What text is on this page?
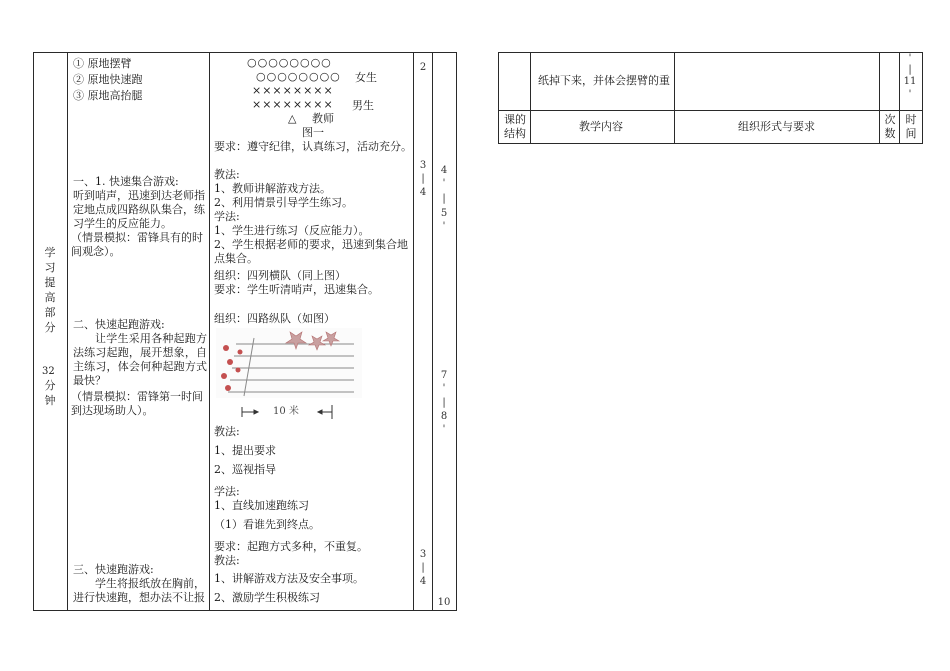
学习提高部分
32
分钟
① 原地摆臂
② 原地快速跑
③ 原地高抬腿
一、1. 快速集合游戏:
听到哨声，迅速到达老师指定地点成四路纵队集合，练习学生的反应能力。
（情景模拟：雷锋具有的时间观念）。
二、快速起跑游戏:
让学生采用各种起跑方法练习起跑，展开想象，自主练习，体会何种起跑方式最快？
（情景模拟：雷锋第一时间到达现场助人）。
三、快速跑游戏:
学生将报纸放在胸前，进行快速跑，想办法不让报
○○○○○○○○
○○○○○○○○ 女生
××××××××
×××××××× 男生
△ 教师
图一
要求：遵守纪律，认真练习，活动充分。
教法:
1、教师讲解游戏方法。
2、利用情景引导学生练习。
学法:
1、学生进行练习（反应能力）。
2、学生根据老师的要求，迅速到集合地点集合。
组织：四列横队（同上图）
要求：学生听清哨声，迅速集合。
组织：四路纵队（如图）
10 米
教法:
1、提出要求
2、巡视指导
学法:
1、直线加速跑练习
（1）看谁先到终点。
要求：起跑方式多种，不重复。
教法:
1、讲解游戏方法及安全事项。
2、激励学生积极练习
2
3
|
4
3
|
4
4
'
|
5
'
7
'
|
8
'
10
纸掉下来，并体会摆臂的重
'
|
11
'
课的结构
教学内容	组织形式与要求
次数
时间
